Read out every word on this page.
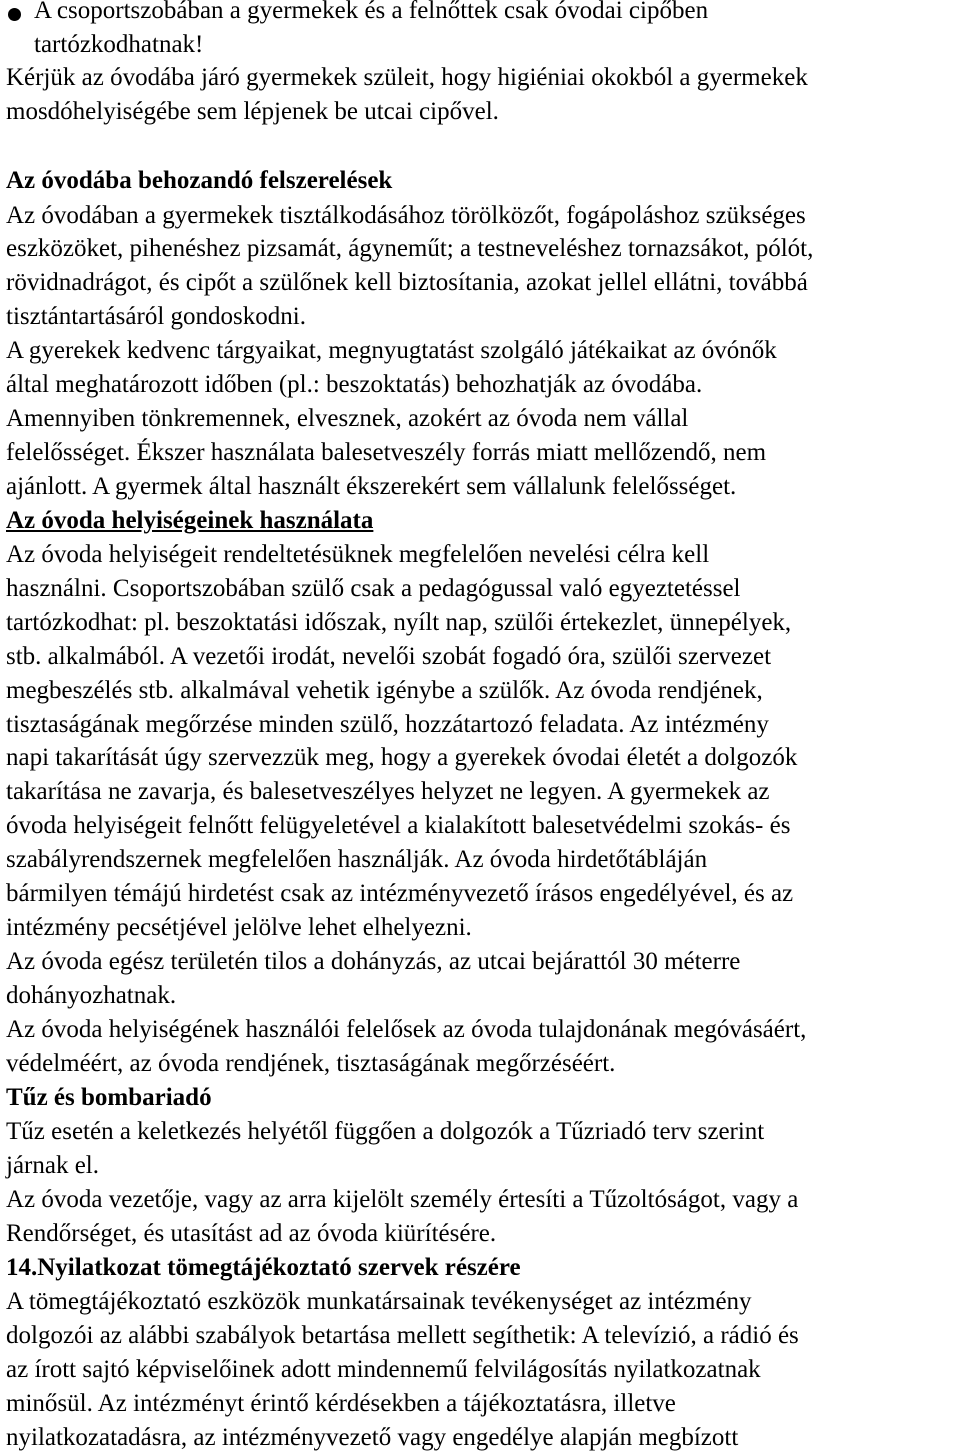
A csoportszobában a gyermekek és a felnőttek csak óvodai cipőben
tartózkodhatnak!
Kérjük az óvodába járó gyermekek szüleit, hogy higiéniai okokból a gyermekek
mosdóhelyiségébe sem lépjenek be utcai cipővel.
Az óvodába behozandó felszerelések
Az óvodában a gyermekek tisztálkodásához törölközőt, fogápoláshoz szükséges
eszközöket, pihenéshez pizsamát, ágyneműt; a testneveléshez tornazsákot, pólót,
rövidnadrágot, és cipőt a szülőnek kell biztosítania, azokat jellel ellátni, továbbá
tisztántartásáról gondoskodni.
A gyerekek kedvenc tárgyaikat, megnyugtatást szolgáló játékaikat az óvónők
által meghatározott időben (pl.: beszoktatás) behozhatják az óvodába.
Amennyiben tönkremennek, elvesznek, azokért az óvoda nem vállal
felelősséget. Ékszer használata balesetveszély forrás miatt mellőzendő, nem
ajánlott. A gyermek által használt ékszerekért sem vállalunk felelősséget.
Az óvoda helyiségeinek használata
Az óvoda helyiségeit rendeltetésüknek megfelelően nevelési célra kell
használni. Csoportszobában szülő csak a pedagógussal való egyeztetéssel
tartózkodhat: pl. beszoktatási időszak, nyílt nap, szülői értekezlet, ünnepélyek,
stb. alkalmából. A vezetői irodát, nevelői szobát fogadó óra, szülői szervezet
megbeszélés stb. alkalmával vehetik igénybe a szülők. Az óvoda rendjének,
tisztaságának megőrzése minden szülő, hozzátartozó feladata. Az intézmény
napi takarítását úgy szervezzük meg, hogy a gyerekek óvodai életét a dolgozók
takarítása ne zavarja, és balesetveszélyes helyzet ne legyen. A gyermekek az
óvoda helyiségeit felnőtt felügyeletével a kialakított balesetvédelmi szokás- és
szabályrendszernek megfelelően használják. Az óvoda hirdetőtábláján
bármilyen témájú hirdetést csak az intézményvezető írásos engedélyével, és az
intézmény pecsétjével jelölve lehet elhelyezni.
Az óvoda egész területén tilos a dohányzás, az utcai bejárattól 30 méterre
dohányozhatnak.
Az óvoda helyiségének használói felelősek az óvoda tulajdonának megóvásáért,
védelméért, az óvoda rendjének, tisztaságának megőrzéséért.
Tűz és bombariadó
Tűz esetén a keletkezés helyétől függően a dolgozók a Tűzriadó terv szerint
járnak el.
Az óvoda vezetője, vagy az arra kijelölt személy értesíti a Tűzoltóságot, vagy a
Rendőrséget, és utasítást ad az óvoda kiürítésére.
14.Nyilatkozat tömegtájékoztató szervek részére
A tömegtájékoztató eszközök munkatársainak tevékenységet az intézmény
dolgozói az alábbi szabályok betartása mellett segíthetik: A televízió, a rádió és
az írott sajtó képviselőinek adott mindennemű felvilágosítás nyilatkozatnak
minősül. Az intézményt érintő kérdésekben a tájékoztatásra, illetve
nyilatkozatadásra, az intézményvezető vagy engedélye alapján megbízott
